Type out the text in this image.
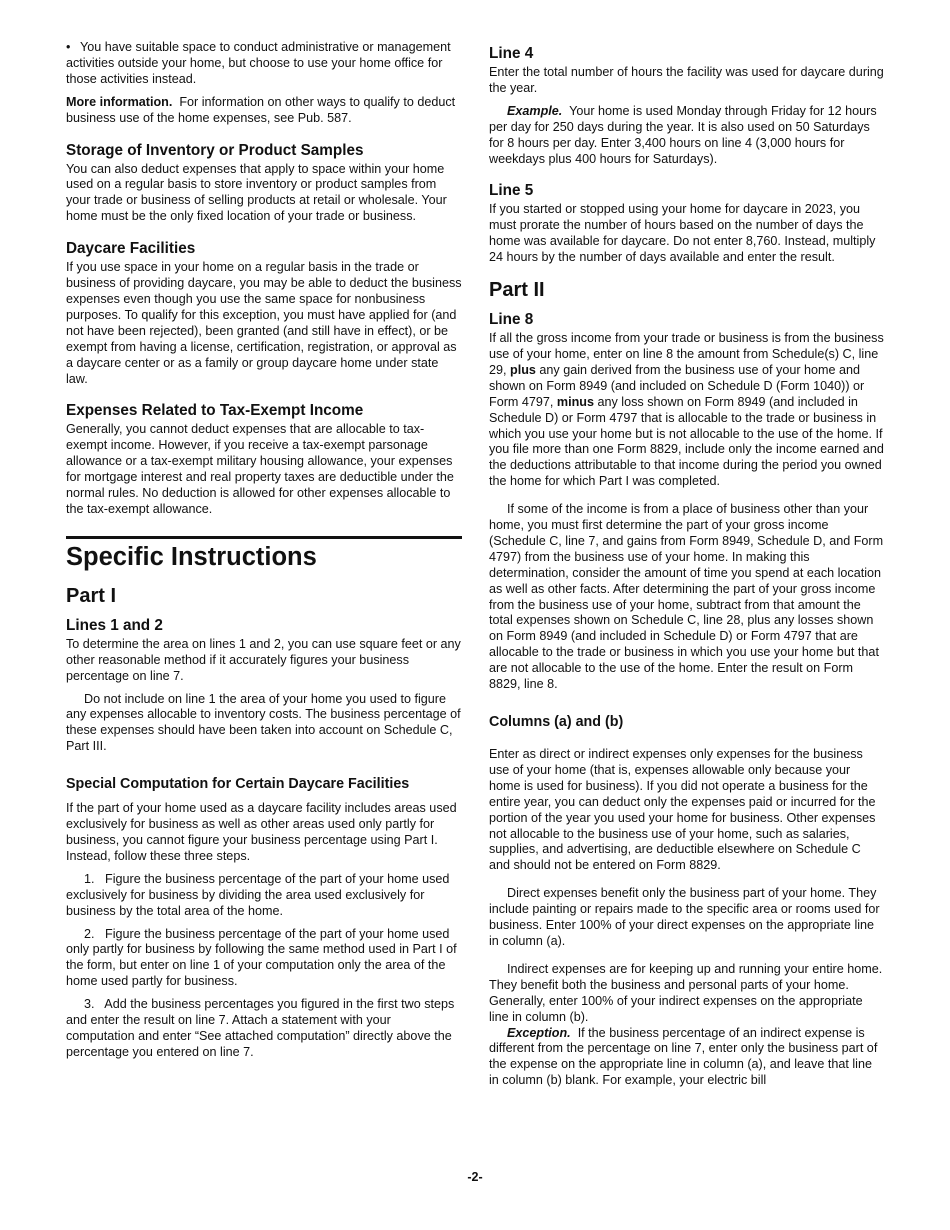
• You have suitable space to conduct administrative or management activities outside your home, but choose to use your home office for those activities instead.

More information. For information on other ways to qualify to deduct business use of the home expenses, see Pub. 587.

Storage of Inventory or Product Samples

You can also deduct expenses that apply to space within your home used on a regular basis to store inventory or product samples from your trade or business of selling products at retail or wholesale. Your home must be the only fixed location of your trade or business.

Daycare Facilities

If you use space in your home on a regular basis in the trade or business of providing daycare, you may be able to deduct the business expenses even though you use the same space for nonbusiness purposes. To qualify for this exception, you must have applied for (and not have been rejected), been granted (and still have in effect), or be exempt from having a license, certification, registration, or approval as a daycare center or as a family or group daycare home under state law.

Expenses Related to Tax-Exempt Income

Generally, you cannot deduct expenses that are allocable to tax-exempt income. However, if you receive a tax-exempt parsonage allowance or a tax-exempt military housing allowance, your expenses for mortgage interest and real property taxes are deductible under the normal rules. No deduction is allowed for other expenses allocable to the tax-exempt allowance.

Specific Instructions
Part I
Lines 1 and 2

To determine the area on lines 1 and 2, you can use square feet or any other reasonable method if it accurately figures your business percentage on line 7.

Do not include on line 1 the area of your home you used to figure any expenses allocable to inventory costs. The business percentage of these expenses should have been taken into account on Schedule C, Part III.

Special Computation for Certain Daycare Facilities

If the part of your home used as a daycare facility includes areas used exclusively for business as well as other areas used only partly for business, you cannot figure your business percentage using Part I. Instead, follow these three steps.

1.   Figure the business percentage of the part of your home used exclusively for business by dividing the area used exclusively for business by the total area of the home.

2.   Figure the business percentage of the part of your home used only partly for business by following the same method used in Part I of the form, but enter on line 1 of your computation only the area of the home used partly for business.

3.   Add the business percentages you figured in the first two steps and enter the result on line 7. Attach a statement with your computation and enter “See attached computation” directly above the percentage you entered on line 7.

Line 4

Enter the total number of hours the facility was used for daycare during the year.

Example. Your home is used Monday through Friday for 12 hours per day for 250 days during the year. It is also used on 50 Saturdays for 8 hours per day. Enter 3,400 hours on line 4 (3,000 hours for weekdays plus 400 hours for Saturdays).

Line 5

If you started or stopped using your home for daycare in 2023, you must prorate the number of hours based on the number of days the home was available for daycare. Do not enter 8,760. Instead, multiply 24 hours by the number of days available and enter the result.

Part II
Line 8

If all the gross income from your trade or business is from the business use of your home, enter on line 8 the amount from Schedule(s) C, line 29, plus any gain derived from the business use of your home and shown on Form 8949 (and included on Schedule D (Form 1040)) or Form 4797, minus any loss shown on Form 8949 (and included in Schedule D) or Form 4797 that is allocable to the trade or business in which you use your home but is not allocable to the use of the home. If you file more than one Form 8829, include only the income earned and the deductions attributable to that income during the period you owned the home for which Part I was completed.

If some of the income is from a place of business other than your home, you must first determine the part of your gross income (Schedule C, line 7, and gains from Form 8949, Schedule D, and Form 4797) from the business use of your home. In making this determination, consider the amount of time you spend at each location as well as other facts. After determining the part of your gross income from the business use of your home, subtract from that amount the total expenses shown on Schedule C, line 28, plus any losses shown on Form 8949 (and included in Schedule D) or Form 4797 that are allocable to the trade or business in which you use your home but that are not allocable to the use of the home. Enter the result on Form 8829, line 8.

Columns (a) and (b)

Enter as direct or indirect expenses only expenses for the business use of your home (that is, expenses allowable only because your home is used for business). If you did not operate a business for the entire year, you can deduct only the expenses paid or incurred for the portion of the year you used your home for business. Other expenses not allocable to the business use of your home, such as salaries, supplies, and advertising, are deductible elsewhere on Schedule C and should not be entered on Form 8829.

Direct expenses benefit only the business part of your home. They include painting or repairs made to the specific area or rooms used for business. Enter 100% of your direct expenses on the appropriate line in column (a).

Indirect expenses are for keeping up and running your entire home. They benefit both the business and personal parts of your home. Generally, enter 100% of your indirect expenses on the appropriate line in column (b).

Exception. If the business percentage of an indirect expense is different from the percentage on line 7, enter only the business part of the expense on the appropriate line in column (a), and leave that line in column (b) blank. For example, your electric bill

-2-
